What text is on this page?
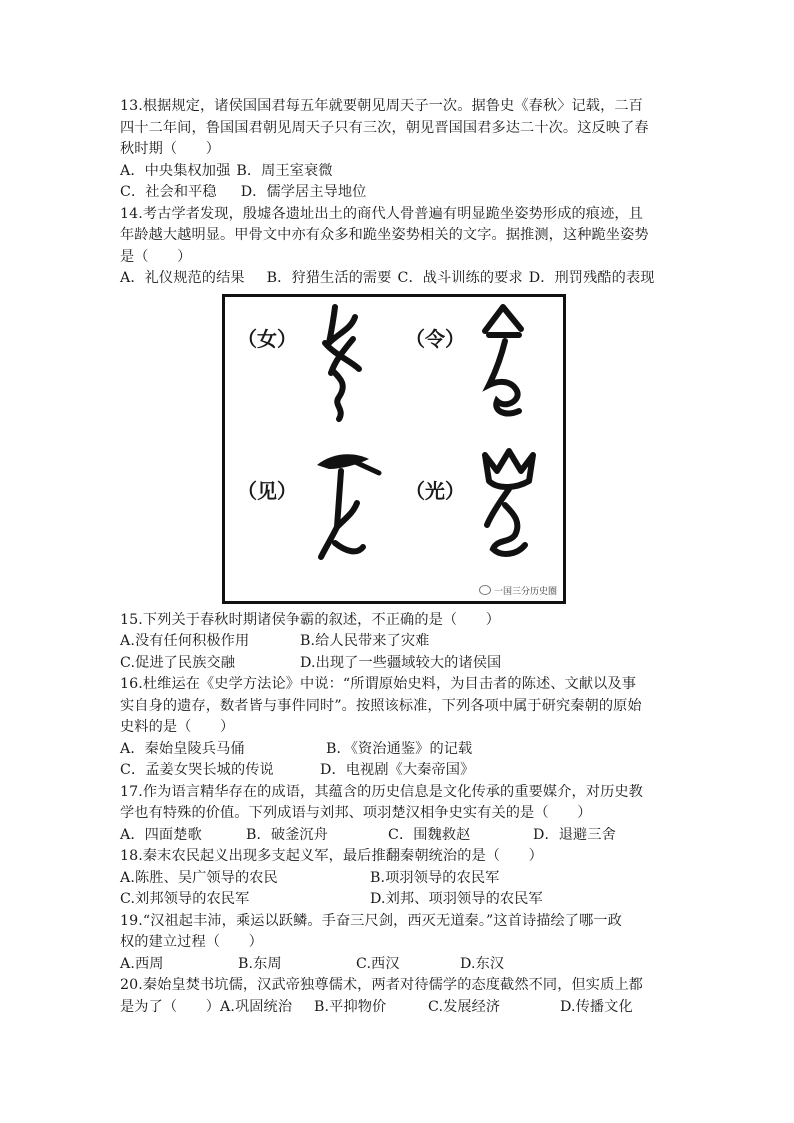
13.根据规定，诸侯国国君每五年就要朝见周天子一次。据鲁史《春秋〉记载，二百
四十二年间，鲁国国君朝见周天子只有三次，朝见晋国国君多达二十次。这反映了春
秋时期（　　）
A．中央集权加强 B．周王室衰微
C．社会和平稳 D．儒学居主导地位
14.考古学者发现，殷墟各遗址出土的商代人骨普遍有明显跪坐姿势形成的痕迹，且
年龄越大越明显。甲骨文中亦有众多和跪坐姿势相关的文字。据推测，这种跪坐姿势
是（　　）
A．礼仪规范的结果 B．狩猎生活的需要 C．战斗训练的要求 D．刑罚残酷的表现
（女）	（令）
（见）	（光）
一国三分历史圈
15.下列关于春秋时期诸侯争霸的叙述，不正确的是（　　）
A.没有任何积极作用	B.给人民带来了灾难
C.促进了民族交融	D.出现了一些疆域较大的诸侯国
16.杜维运在《史学方法论》中说：“所谓原始史料，为目击者的陈述、文献以及事
实自身的遗存，数者皆与事件同时”。按照该标准，下列各项中属于研究秦朝的原始
史料的是（　　）
A．秦始皇陵兵马俑	B．《资治通鉴》的记载
C．孟姜女哭长城的传说	D．电视剧《大秦帝国》
17.作为语言精华存在的成语，其蕴含的历史信息是文化传承的重要媒介，对历史教
学也有特殊的价值。下列成语与刘邦、项羽楚汉相争史实有关的是（　　）
A．四面楚歌	B．破釜沉舟	C．围魏救赵	D．退避三舍
18.秦末农民起义出现多支起义军，最后推翻秦朝统治的是（　　）
A.陈胜、吴广领导的农民	B.项羽领导的农民军
C.刘邦领导的农民军	D.刘邦、项羽领导的农民军
19.“汉祖起丰沛，乘运以跃鳞。手奋三尺剑，西灭无道秦。”这首诗描绘了哪一政
权的建立过程（　　）
A.西周	B.东周	C.西汉	D.东汉
20.秦始皇焚书坑儒，汉武帝独尊儒术，两者对待儒学的态度截然不同，但实质上都
是为了（　　） A.巩固统治	B.平抑物价	C.发展经济	D.传播文化
